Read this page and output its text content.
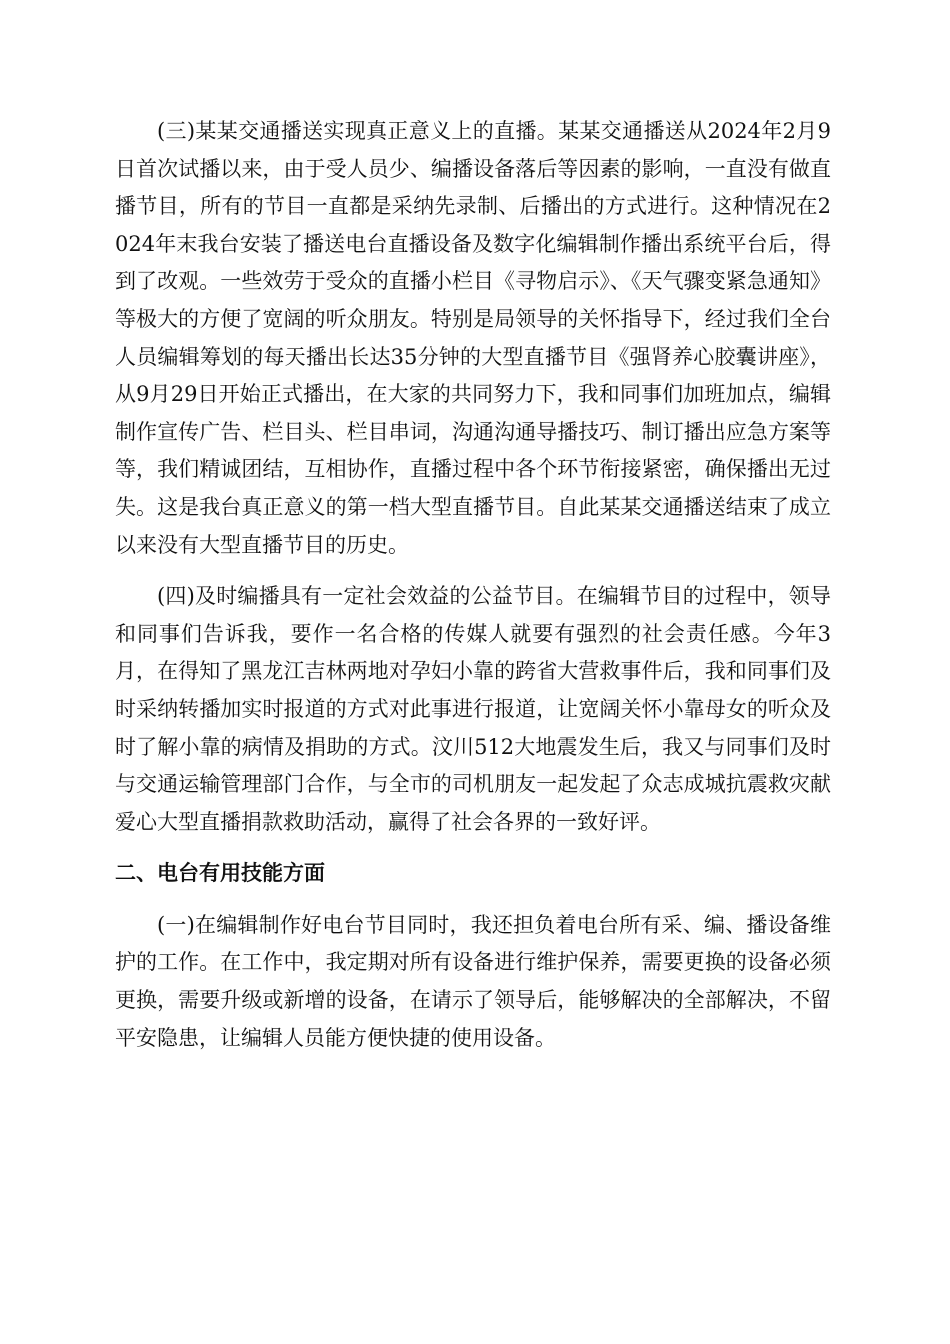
(三)某某交通播送实现真正意义上的直播。某某交通播送从2024年2月9日首次试播以来，由于受人员少、编播设备落后等因素的影响，一直没有做直播节目，所有的节目一直都是采纳先录制、后播出的方式进行。这种情况在2024年末我台安装了播送电台直播设备及数字化编辑制作播出系统平台后，得到了改观。一些效劳于受众的直播小栏目《寻物启示》、《天气骤变紧急通知》等极大的方便了宽阔的听众朋友。特别是局领导的关怀指导下，经过我们全台人员编辑筹划的每天播出长达35分钟的大型直播节目《强肾养心胶囊讲座》，从9月29日开始正式播出，在大家的共同努力下，我和同事们加班加点，编辑制作宣传广告、栏目头、栏目串词，沟通沟通导播技巧、制订播出应急方案等等，我们精诚团结，互相协作，直播过程中各个环节衔接紧密，确保播出无过失。这是我台真正意义的第一档大型直播节目。自此某某交通播送结束了成立以来没有大型直播节目的历史。

(四)及时编播具有一定社会效益的公益节目。在编辑节目的过程中，领导和同事们告诉我，要作一名合格的传媒人就要有强烈的社会责任感。今年3月，在得知了黑龙江吉林两地对孕妇小靠的跨省大营救事件后，我和同事们及时采纳转播加实时报道的方式对此事进行报道，让宽阔关怀小靠母女的听众及时了解小靠的病情及捐助的方式。汶川512大地震发生后，我又与同事们及时与交通运输管理部门合作，与全市的司机朋友一起发起了众志成城抗震救灾献爱心大型直播捐款救助活动，赢得了社会各界的一致好评。

二、电台有用技能方面

(一)在编辑制作好电台节目同时，我还担负着电台所有采、编、播设备维护的工作。在工作中，我定期对所有设备进行维护保养，需要更换的设备必须更换，需要升级或新增的设备，在请示了领导后，能够解决的全部解决，不留平安隐患，让编辑人员能方便快捷的使用设备。
